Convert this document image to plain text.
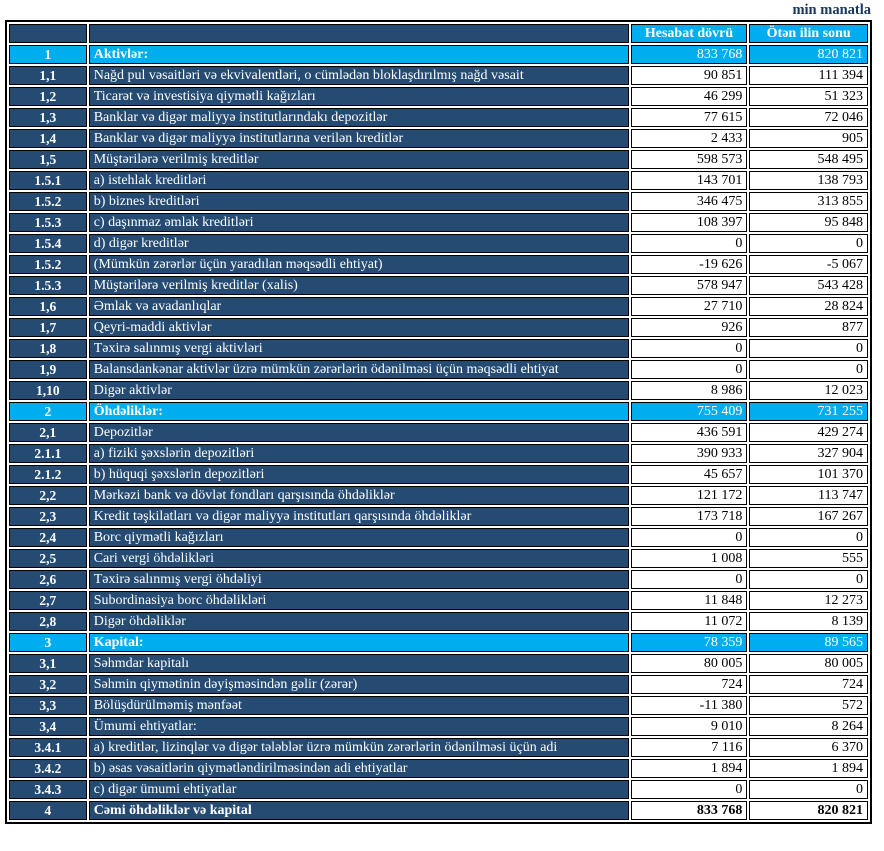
min manatla
		Hesabat dövrü	Ötən ilin sonu
1	Aktivlər:	833 768	820 821
1,1	Nağd pul vəsaitləri və ekvivalentləri, o cümlədən bloklaşdırılmış nağd vəsait	90 851	111 394
1,2	Ticarət və investisiya qiymətli kağızları	46 299	51 323
1,3	Banklar və digər maliyyə institutlarındakı depozitlər	77 615	72 046
1,4	Banklar və digər maliyyə institutlarına verilən kreditlər	2 433	905
1,5	Müştərilərə verilmiş kreditlər	598 573	548 495
1.5.1	a) istehlak kreditləri	143 701	138 793
1.5.2	b) biznes kreditləri	346 475	313 855
1.5.3	c) daşınmaz əmlak kreditləri	108 397	95 848
1.5.4	d) digər kreditlər	0	0
1.5.2	(Mümkün zərərlər üçün yaradılan məqsədli ehtiyat)	-19 626	-5 067
1.5.3	Müştərilərə verilmiş kreditlər (xalis)	578 947	543 428
1,6	Əmlak və avadanlıqlar	27 710	28 824
1,7	Qeyri-maddi aktivlər	926	877
1,8	Təxirə salınmış vergi aktivləri	0	0
1,9	Balansdankənar aktivlər üzrə mümkün zərərlərin ödənilməsi üçün məqsədli ehtiyat	0	0
1,10	Digər aktivlər	8 986	12 023
2	Öhdəliklər:	755 409	731 255
2,1	Depozitlər	436 591	429 274
2.1.1	a) fiziki şəxslərin depozitləri	390 933	327 904
2.1.2	b) hüquqi şəxslərin depozitləri	45 657	101 370
2,2	Mərkəzi bank və dövlət fondları qarşısında öhdəliklər	121 172	113 747
2,3	Kredit təşkilatları və digər maliyyə institutları qarşısında öhdəliklər	173 718	167 267
2,4	Borc qiymətli kağızları	0	0
2,5	Cari vergi öhdəlikləri	1 008	555
2,6	Təxirə salınmış vergi öhdəliyi	0	0
2,7	Subordinasiya borc öhdəlikləri	11 848	12 273
2,8	Digər öhdəliklər	11 072	8 139
3	Kapital:	78 359	89 565
3,1	Səhmdar kapitalı	80 005	80 005
3,2	Səhmin qiymətinin dəyişməsindən gəlir (zərər)	724	724
3,3	Bölüşdürülməmiş mənfəət	-11 380	572
3,4	Ümumi ehtiyatlar:	9 010	8 264
3.4.1	a) kreditlər, lizinqlər və digər tələblər üzrə mümkün zərərlərin ödənilməsi üçün adi	7 116	6 370
3.4.2	b) əsas vəsaitlərin qiymətləndirilməsindən adi ehtiyatlar	1 894	1 894
3.4.3	c) digər ümumi ehtiyatlar	0	0
4	Cəmi öhdəliklər və kapital	833 768	820 821
